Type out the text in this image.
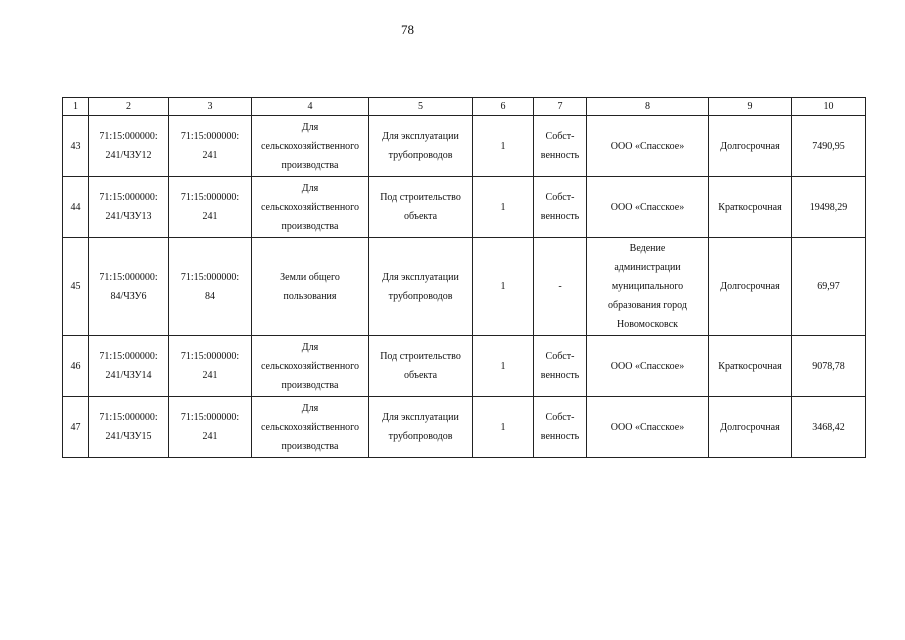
78
1	2	3	4	5	6	7	8	9	10
43	71:15:000000:
241/ЧЗУ12	71:15:000000:
241	Для
сельскохозяйственного
производства	Для эксплуатации
трубопроводов	1	Собст-
венность	ООО «Спасское»	Долгосрочная	7490,95
44	71:15:000000:
241/ЧЗУ13	71:15:000000:
241	Для
сельскохозяйственного
производства	Под строительство
объекта	1	Собст-
венность	ООО «Спасское»	Краткосрочная	19498,29
45	71:15:000000:
84/ЧЗУ6	71:15:000000:
84	Земли общего
пользования	Для эксплуатации
трубопроводов	1	-	Ведение
администрации
муниципального
образования город
Новомосковск	Долгосрочная	69,97
46	71:15:000000:
241/ЧЗУ14	71:15:000000:
241	Для
сельскохозяйственного
производства	Под строительство
объекта	1	Собст-
венность	ООО «Спасское»	Краткосрочная	9078,78
47	71:15:000000:
241/ЧЗУ15	71:15:000000:
241	Для
сельскохозяйственного
производства	Для эксплуатации
трубопроводов	1	Собст-
венность	ООО «Спасское»	Долгосрочная	3468,42
